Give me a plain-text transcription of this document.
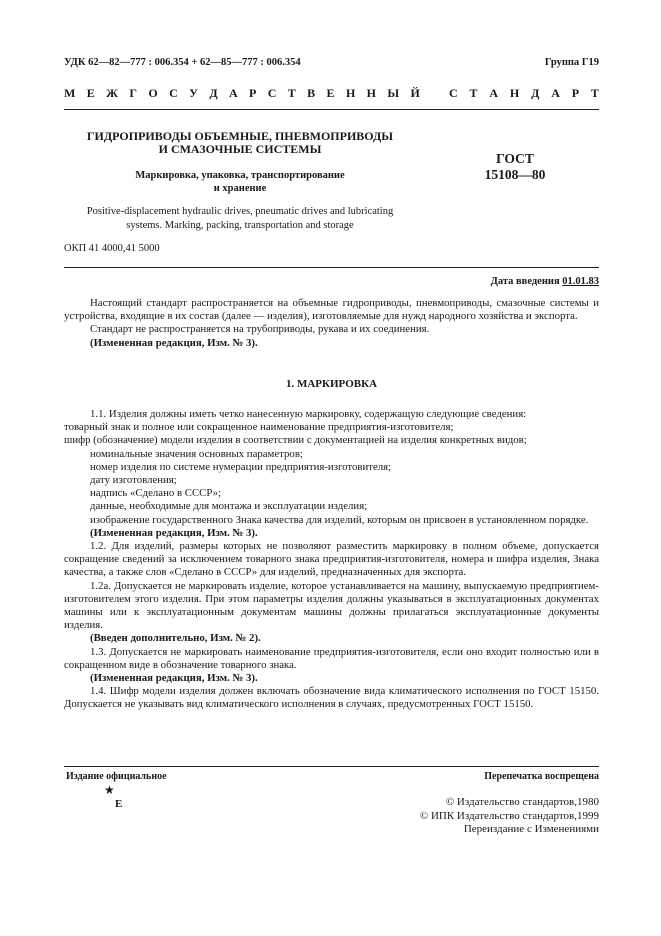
УДК 62—82—777 : 006.354 + 62—85—777 : 006.354	Группа Г19
М Е Ж Г О С У Д А Р С Т В Е Н Н Ы Й С Т А Н Д А Р Т
ГИДРОПРИВОДЫ ОБЪЕМНЫЕ, ПНЕВМОПРИВОДЫ
И СМАЗОЧНЫЕ СИСТЕМЫ
ГОСТ
15108—80
Маркировка, упаковка, транспортирование
и хранение
Positive-displacement hydraulic drives, pneumatic drives and lubricating
systems. Marking, packing, transportation and storage
ОКП 41 4000,41 5000
Дата введения 01.01.83

Настоящий стандарт распространяется на объемные гидроприводы, пневмоприводы, смазочные системы и устройства, входящие в их состав (далее — изделия), изготовляемые для нужд народного хозяйства и экспорта.

Стандарт не распространяется на трубоприводы, рукава и их соединения.

(Измененная редакция, Изм. № 3).

1. МАРКИРОВКА

1.1. Изделия должны иметь четко нанесенную маркировку, содержащую следующие сведения:

товарный знак и полное или сокращенное наименование предприятия-изготовителя;

шифр (обозначение) модели изделия в соответствии с документацией на изделия конкретных видов;

номинальные значения основных параметров;

номер изделия по системе нумерации предприятия-изготовителя;

дату изготовления;

надпись «Сделано в СССР»;

данные, необходимые для монтажа и эксплуатации изделия;

изображение государственного Знака качества для изделий, которым он присвоен в установленном порядке.

(Измененная редакция, Изм. № 3).

1.2. Для изделий, размеры которых не позволяют разместить маркировку в полном объеме, допускается сокращение сведений за исключением товарного знака предприятия-изготовителя, номера и шифра изделия, Знака качества, а также слов «Сделано в СССР» для изделий, предназначенных для экспорта.

1.2а. Допускается не маркировать изделие, которое устанавливается на машину, выпускаемую предприятием-изготовителем этого изделия. При этом параметры изделия должны указываться в эксплуатационных документах машины или к эксплуатационным документам машины должны прилагаться эксплуатационные документы изделия.

(Введен дополнительно, Изм. № 2).

1.3. Допускается не маркировать наименование предприятия-изготовителя, если оно входит полностью или в сокращенном виде в обозначение товарного знака.

(Измененная редакция, Изм. № 3).

1.4. Шифр модели изделия должен включать обозначение вида климатического исполнения по ГОСТ 15150. Допускается не указывать вид климатического исполнения в случаях, предусмотренных ГОСТ 15150.

Издание официальное	Перепечатка воспрещена
★
Е	© Издательство стандартов,1980
© ИПК Издательство стандартов,1999
Переиздание с Изменениями
